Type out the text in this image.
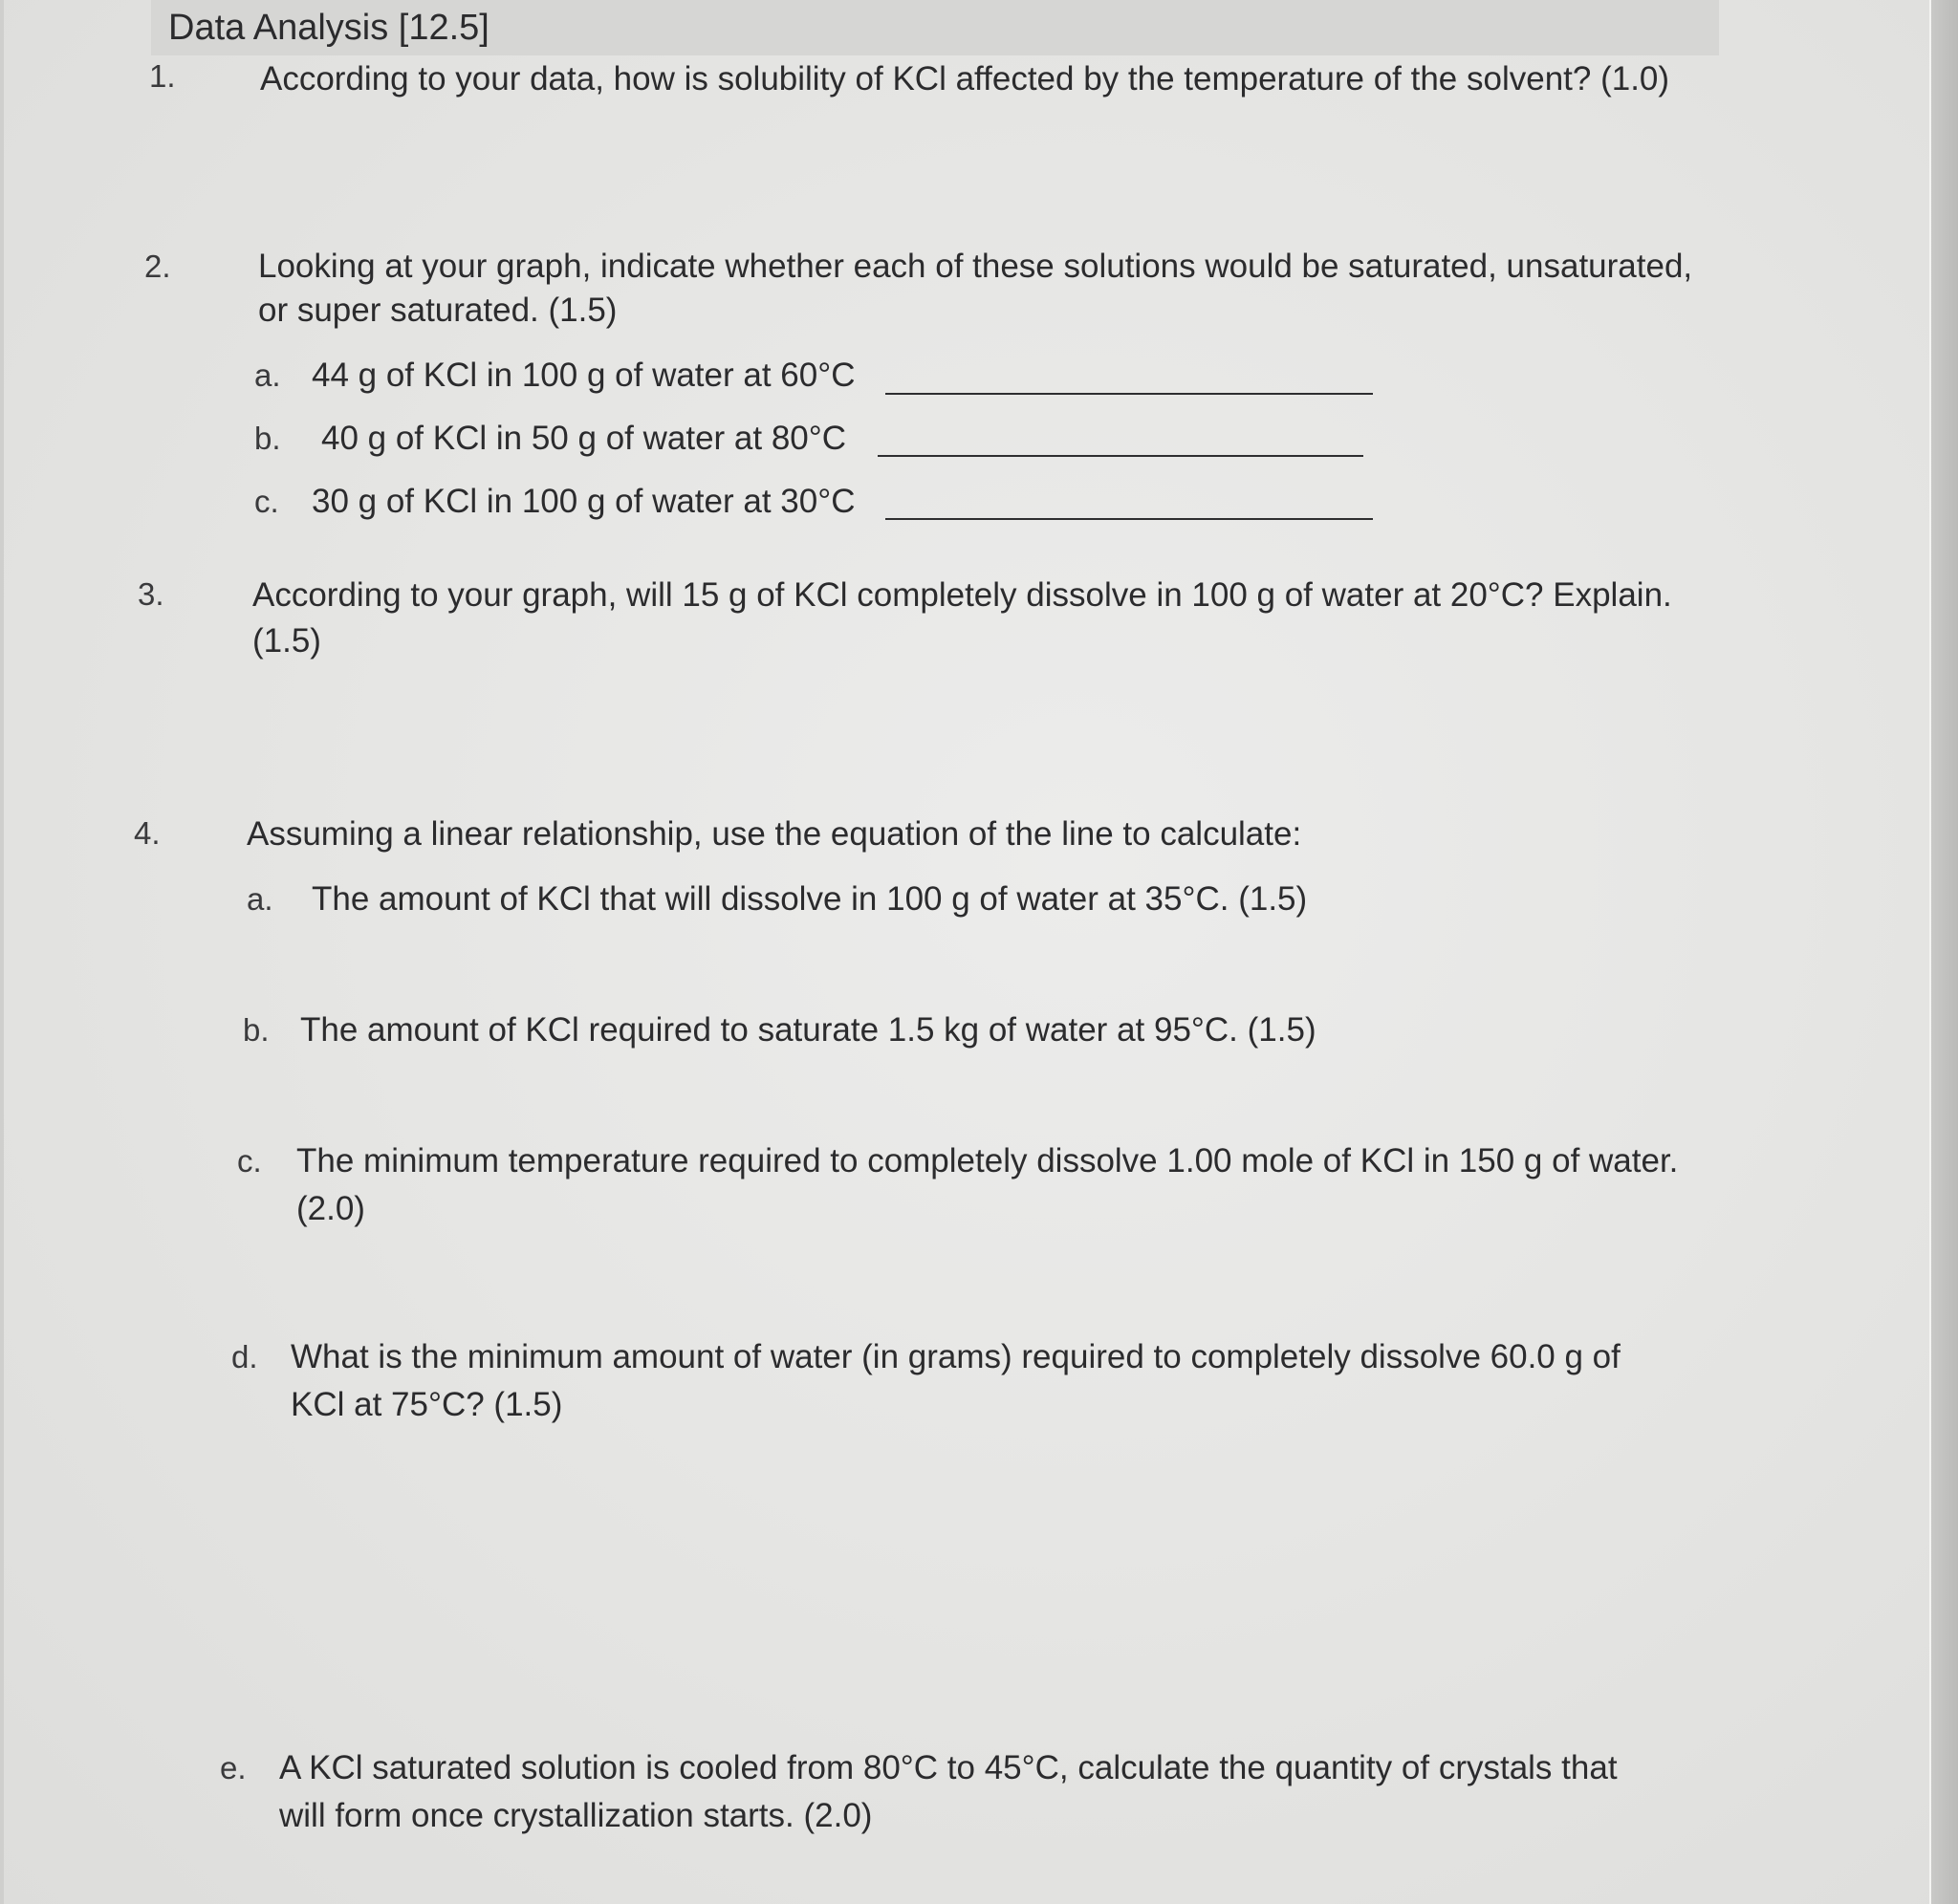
Data Analysis [12.5]
1.	According to your data, how is solubility of KCl affected by the temperature of the solvent? (1.0)
2.	Looking at your graph, indicate whether each of these solutions would be saturated, unsaturated,
or super saturated. (1.5)
a. 44 g of KCl in 100 g of water at 60°C
b. 40 g of KCl in 50 g of water at 80°C
c. 30 g of KCl in 100 g of water at 30°C
3.	According to your graph, will 15 g of KCl completely dissolve in 100 g of water at 20°C? Explain.
(1.5)
4.	Assuming a linear relationship, use the equation of the line to calculate:
a. The amount of KCl that will dissolve in 100 g of water at 35°C. (1.5)
b. The amount of KCl required to saturate 1.5 kg of water at 95°C. (1.5)
c. The minimum temperature required to completely dissolve 1.00 mole of KCl in 150 g of water.
(2.0)
d. What is the minimum amount of water (in grams) required to completely dissolve 60.0 g of
KCl at 75°C? (1.5)
e. A KCl saturated solution is cooled from 80°C to 45°C, calculate the quantity of crystals that
will form once crystallization starts. (2.0)
